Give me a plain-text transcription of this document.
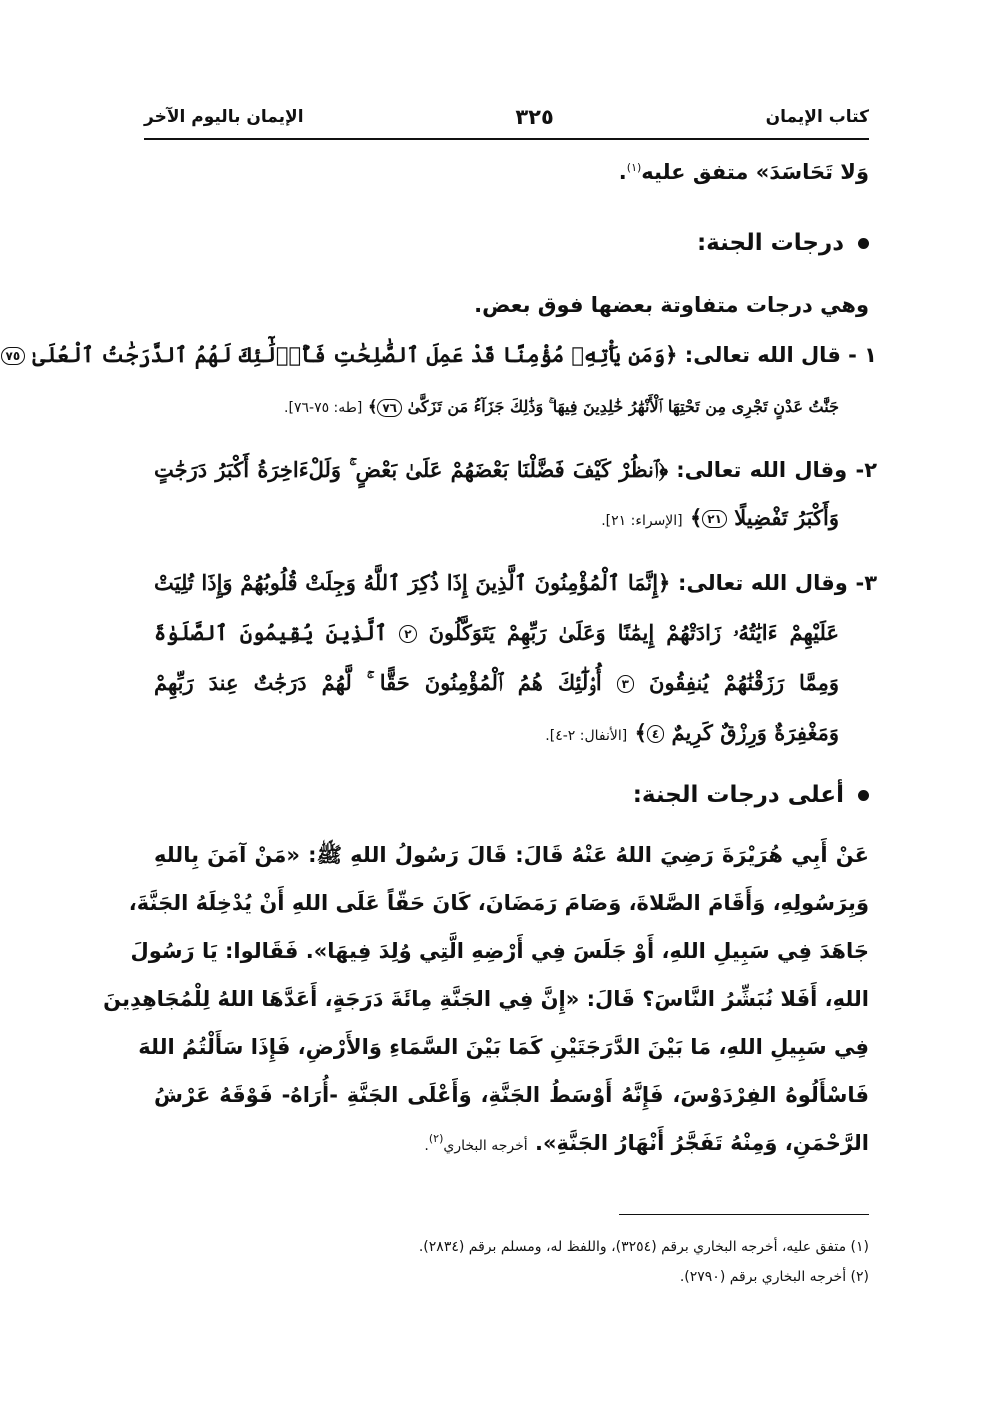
كتاب الإيمان
٣٢٥
الإيمان باليوم الآخر
وَلا تَحَاسَدَ» متفق عليه$^{(١)}$.
درجات الجنة:
وهي درجات متفاوتة بعضها فوق بعض.
١ - قال الله تعالى: ﴿وَمَن يَأْتِهِۦ مُؤْمِنًا قَدْ عَمِلَ ٱلصَّٰلِحَٰتِ فَأُو۟لَٰٓئِكَ لَهُمُ ٱلدَّرَجَٰتُ ٱلْعُلَىٰ ٧٥
جَنَّٰتُ عَدْنٍ تَجْرِى مِن تَحْتِهَا ٱلْأَنْهَٰرُ خَٰلِدِينَ فِيهَا ۚ وَذَٰلِكَ جَزَآءُ مَن تَزَكَّىٰ ٧٦﴾ [طه: ٧٥-٧٦].
٢- وقال الله تعالى: ﴿ٱنظُرْ كَيْفَ فَضَّلْنَا بَعْضَهُمْ عَلَىٰ بَعْضٍ ۚ وَلَلْءَاخِرَةُ أَكْبَرُ دَرَجَٰتٍ
وَأَكْبَرُ تَفْضِيلًا ٢١﴾ [الإسراء: ٢١].
٣- وقال الله تعالى: ﴿إِنَّمَا ٱلْمُؤْمِنُونَ ٱلَّذِينَ إِذَا ذُكِرَ ٱللَّهُ وَجِلَتْ قُلُوبُهُمْ وَإِذَا تُلِيَتْ
عَلَيْهِمْ ءَايَٰتُهُۥ زَادَتْهُمْ إِيمَٰنًا وَعَلَىٰ رَبِّهِمْ يَتَوَكَّلُونَ ٢ ٱلَّذِينَ يُقِيمُونَ ٱلصَّلَوٰةَ
وَمِمَّا رَزَقْنَٰهُمْ يُنفِقُونَ ٣ أُو۟لَٰٓئِكَ هُمُ ٱلْمُؤْمِنُونَ حَقًّا ۚ لَّهُمْ دَرَجَٰتٌ عِندَ رَبِّهِمْ
وَمَغْفِرَةٌ وَرِزْقٌ كَرِيمٌ ٤﴾ [الأنفال: ٢-٤].
أعلى درجات الجنة:
عَنْ أَبِي هُرَيْرَةَ رَضِيَ اللهُ عَنْهُ قَالَ: قَالَ رَسُولُ اللهِ ﷺ: «مَنْ آمَنَ بِاللهِ
وَبِرَسُولِهِ، وَأَقَامَ الصَّلاةَ، وَصَامَ رَمَضَانَ، كَانَ حَقّاً عَلَى اللهِ أَنْ يُدْخِلَهُ الجَنَّةَ،
جَاهَدَ فِي سَبِيلِ اللهِ، أَوْ جَلَسَ فِي أَرْضِهِ الَّتِي وُلِدَ فِيهَا». فَقَالوا: يَا رَسُولَ
اللهِ، أَفَلا نُبَشِّرُ النَّاسَ؟ قَالَ: «إِنَّ فِي الجَنَّةِ مِائَةَ دَرَجَةٍ، أَعَدَّهَا اللهُ لِلْمُجَاهِدِينَ
فِي سَبِيلِ اللهِ، مَا بَيْنَ الدَّرَجَتَيْنِ كَمَا بَيْنَ السَّمَاءِ وَالأَرْضِ، فَإِذَا سَأَلْتُمُ اللهَ
فَاسْأَلُوهُ الفِرْدَوْسَ، فَإِنَّهُ أَوْسَطُ الجَنَّةِ، وَأَعْلَى الجَنَّةِ -أُرَاهُ- فَوْقَهُ عَرْشُ
الرَّحْمَنِ، وَمِنْهُ تَفَجَّرُ أَنْهَارُ الجَنَّةِ». أخرجه البخاري$^{(٢)}$.
(١) متفق عليه، أخرجه البخاري برقم (٣٢٥٤)، واللفظ له، ومسلم برقم (٢٨٣٤).
(٢) أخرجه البخاري برقم (٢٧٩٠).
